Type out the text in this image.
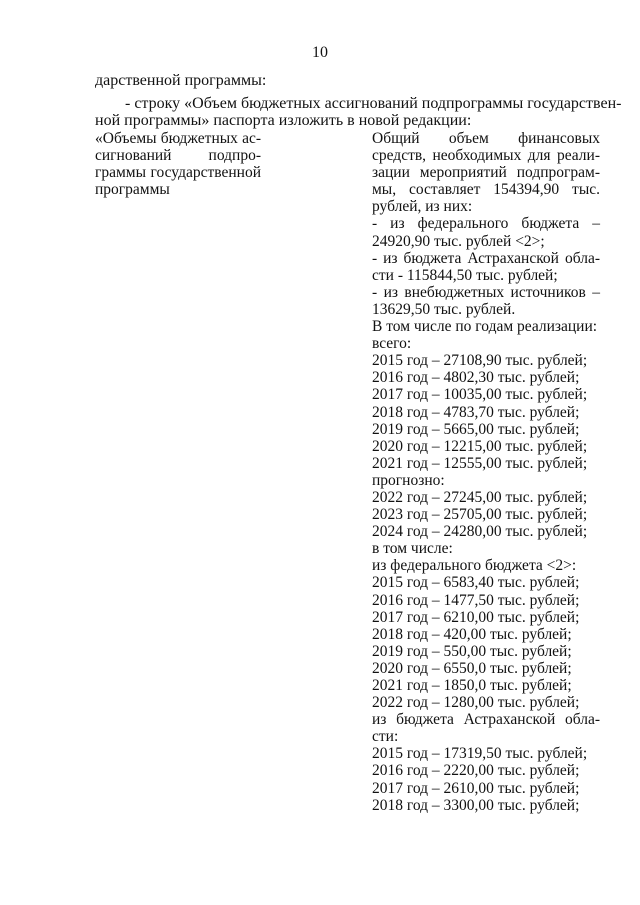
10
дарственной программы:
- строку «Объем бюджетных ассигнований подпрограммы государствен-
ной программы» паспорта изложить в новой редакции:
«Объемы бюджетных ас-
сигнований подпро-
граммы государственной
программы
Общий объем финансовых
средств, необходимых для реали-
зации мероприятий подпрограм-
мы, составляет 154394,90 тыс.
рублей, из них:
- из федерального бюджета –
24920,90 тыс. рублей <2>;
- из бюджета Астраханской обла-
сти - 115844,50 тыс. рублей;
- из внебюджетных источников –
13629,50 тыс. рублей.
В том числе по годам реализации:
всего:
2015 год – 27108,90 тыс. рублей;
2016 год – 4802,30 тыс. рублей;
2017 год – 10035,00 тыс. рублей;
2018 год – 4783,70 тыс. рублей;
2019 год – 5665,00 тыс. рублей;
2020 год – 12215,00 тыс. рублей;
2021 год – 12555,00 тыс. рублей;
прогнозно:
2022 год – 27245,00 тыс. рублей;
2023 год – 25705,00 тыс. рублей;
2024 год – 24280,00 тыс. рублей;
в том числе:
из федерального бюджета <2>:
2015 год – 6583,40 тыс. рублей;
2016 год – 1477,50 тыс. рублей;
2017 год – 6210,00 тыс. рублей;
2018 год – 420,00 тыс. рублей;
2019 год – 550,00 тыс. рублей;
2020 год – 6550,0 тыс. рублей;
2021 год – 1850,0 тыс. рублей;
2022 год – 1280,00 тыс. рублей;
из бюджета Астраханской обла-
сти:
2015 год – 17319,50 тыс. рублей;
2016 год – 2220,00 тыс. рублей;
2017 год – 2610,00 тыс. рублей;
2018 год – 3300,00 тыс. рублей;
